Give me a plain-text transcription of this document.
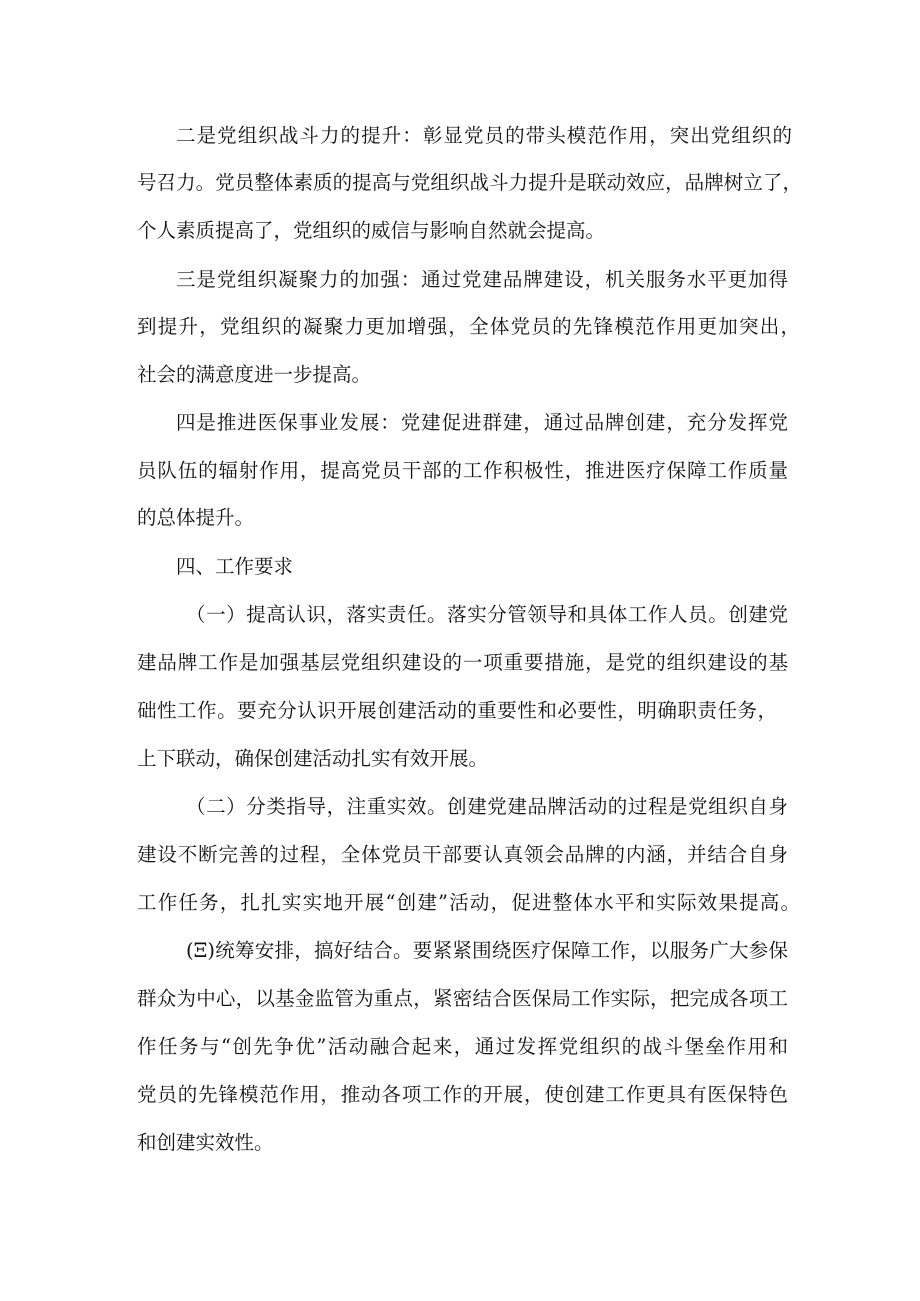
二是党组织战斗力的提升：彰显党员的带头模范作用，突出党组织的
号召力。党员整体素质的提高与党组织战斗力提升是联动效应，品牌树立了，
个人素质提高了，党组织的威信与影响自然就会提高。
三是党组织凝聚力的加强：通过党建品牌建设，机关服务水平更加得
到提升，党组织的凝聚力更加增强，全体党员的先锋模范作用更加突出，
社会的满意度进一步提高。
四是推进医保事业发展：党建促进群建，通过品牌创建，充分发挥党
员队伍的辐射作用，提高党员干部的工作积极性，推进医疗保障工作质量
的总体提升。
四、工作要求
（一）提高认识，落实责任。落实分管领导和具体工作人员。创建党
建品牌工作是加强基层党组织建设的一项重要措施，是党的组织建设的基
础性工作。要充分认识开展创建活动的重要性和必要性，明确职责任务，
上下联动，确保创建活动扎实有效开展。
（二）分类指导，注重实效。创建党建品牌活动的过程是党组织自身
建设不断完善的过程，全体党员干部要认真领会品牌的内涵，并结合自身
工作任务，扎扎实实地开展“创建”活动，促进整体水平和实际效果提高。
(Ξ)统筹安排，搞好结合。要紧紧围绕医疗保障工作，以服务广大参保
群众为中心，以基金监管为重点，紧密结合医保局工作实际，把完成各项工
作任务与“创先争优”活动融合起来，通过发挥党组织的战斗堡垒作用和
党员的先锋模范作用，推动各项工作的开展，使创建工作更具有医保特色
和创建实效性。
